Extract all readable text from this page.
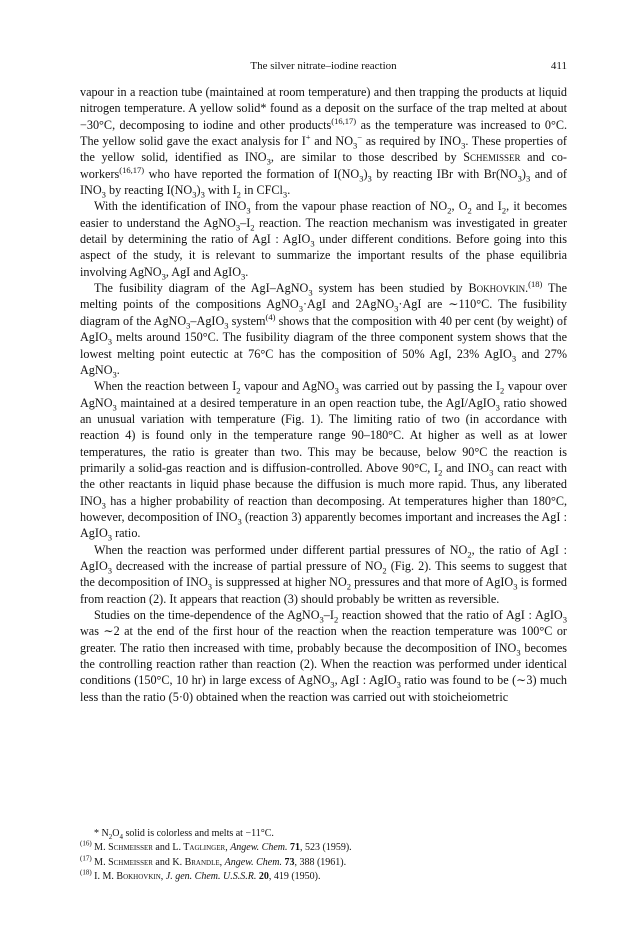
The silver nitrate–iodine reaction	411

vapour in a reaction tube (maintained at room temperature) and then trapping the products at liquid nitrogen temperature. A yellow solid* found as a deposit on the surface of the trap melted at about −30°C, decomposing to iodine and other products$^{(16,17)}$ as the temperature was increased to 0°C. The yellow solid gave the exact analysis for I+ and $NO_3^-$ as required by $INO_3$. These properties of the yellow solid, identified as $INO_3$, are similar to those described by Schemisser and co-workers$^{(16,17)}$ who have reported the formation of $I(NO_3)_3$ by reacting IBr with $Br(NO_3)_3$ and of $INO_3$ by reacting $I(NO_3)_3$ with $I_2$ in CFCl$_3$.

With the identification of $INO_3$ from the vapour phase reaction of $NO_2$, $O_2$ and $I_2$, it becomes easier to understand the $AgNO_3-I_2$ reaction. The reaction mechanism was investigated in greater detail by determining the ratio of AgI : AgIO$_3$ under different conditions. Before going into this aspect of the study, it is relevant to summarize the important results of the phase equilibria involving AgNO$_3$, AgI and AgIO$_3$.

The fusibility diagram of the AgI–AgNO$_3$ system has been studied by Bokhovkin.$^{(18)}$ The melting points of the compositions AgNO$_3$·AgI and 2AgNO$_3$·AgI are ∼110°C. The fusibility diagram of the AgNO$_3$–AgIO$_3$ system$^{(4)}$ shows that the composition with 40 per cent (by weight) of AgIO$_3$ melts around 150°C. The fusibility diagram of the three component system shows that the lowest melting point eutectic at 76°C has the composition of 50% AgI, 23% AgIO$_3$ and 27% AgNO$_3$.

When the reaction between $I_2$ vapour and AgNO$_3$ was carried out by passing the $I_2$ vapour over AgNO$_3$ maintained at a desired temperature in an open reaction tube, the AgI/AgIO$_3$ ratio showed an unusual variation with temperature (Fig. 1). The limiting ratio of two (in accordance with reaction 4) is found only in the temperature range 90–180°C. At higher as well as at lower temperatures, the ratio is greater than two. This may be because, below 90°C the reaction is primarily a solid-gas reaction and is diffusion-controlled. Above 90°C, $I_2$ and $INO_3$ can react with the other reactants in liquid phase because the diffusion is much more rapid. Thus, any liberated $INO_3$ has a higher probability of reaction than decomposing. At temperatures higher than 180°C, however, decomposition of $INO_3$ (reaction 3) apparently becomes important and increases the AgI : AgIO$_3$ ratio.

When the reaction was performed under different partial pressures of $NO_2$, the ratio of AgI : AgIO$_3$ decreased with the increase of partial pressure of $NO_2$ (Fig. 2). This seems to suggest that the decomposition of $INO_3$ is suppressed at higher $NO_2$ pressures and that more of AgIO$_3$ is formed from reaction (2). It appears that reaction (3) should probably be written as reversible.

Studies on the time-dependence of the $AgNO_3-I_2$ reaction showed that the ratio of AgI : AgIO$_3$ was ∼2 at the end of the first hour of the reaction when the reaction temperature was 100°C or greater. The ratio then increased with time, probably because the decomposition of $INO_3$ becomes the controlling reaction rather than reaction (2). When the reaction was performed under identical conditions (150°C, 10 hr) in large excess of AgNO$_3$, AgI : AgIO$_3$ ratio was found to be (∼3) much less than the ratio (5·0) obtained when the reaction was carried out with stoicheiometric

* $N_2O_4$ solid is colorless and melts at −11°C.
$^{(16)}$ M. Schmeisser and L. Taglinger, Angew. Chem. 71, 523 (1959).
$^{(17)}$ M. Schmeisser and K. Brandle, Angew. Chem. 73, 388 (1961).
$^{(18)}$ I. M. Bokhovkin, J. gen. Chem. U.S.S.R. 20, 419 (1950).
